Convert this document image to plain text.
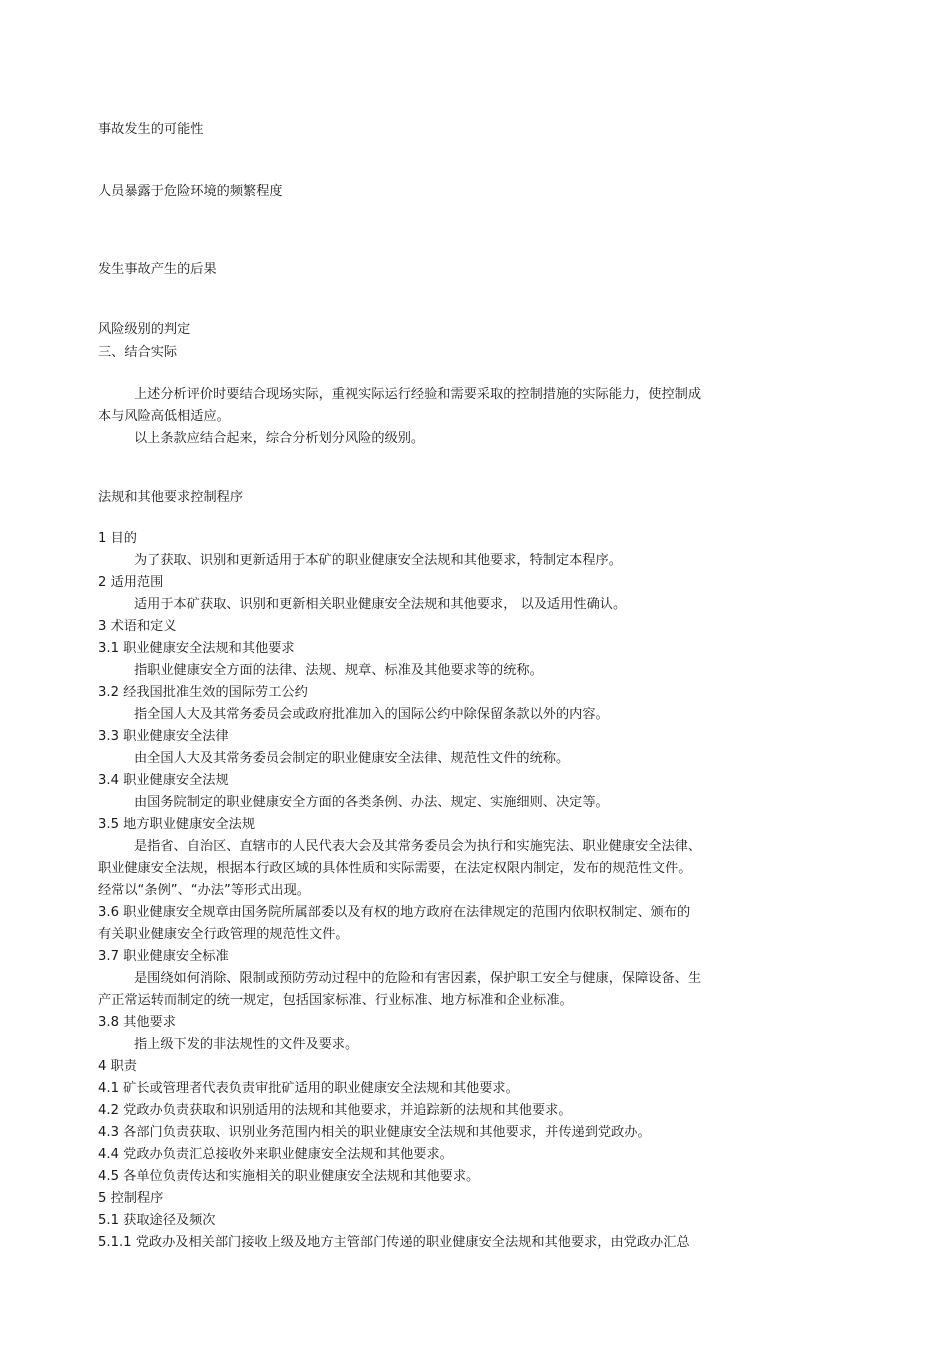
事故发生的可能性
人员暴露于危险环境的频繁程度
发生事故产生的后果
风险级别的判定
三、结合实际
上述分析评价时要结合现场实际，重视实际运行经验和需要采取的控制措施的实际能力，使控制成
本与风险高低相适应。
以上条款应结合起来，综合分析划分风险的级别。
法规和其他要求控制程序
1 目的
为了获取、识别和更新适用于本矿的职业健康安全法规和其他要求，特制定本程序。
2 适用范围
适用于本矿获取、识别和更新相关职业健康安全法规和其他要求， 以及适用性确认。
3 术语和定义
3.1 职业健康安全法规和其他要求
指职业健康安全方面的法律、法规、规章、标准及其他要求等的统称。
3.2 经我国批准生效的国际劳工公约
指全国人大及其常务委员会或政府批准加入的国际公约中除保留条款以外的内容。
3.3 职业健康安全法律
由全国人大及其常务委员会制定的职业健康安全法律、规范性文件的统称。
3.4 职业健康安全法规
由国务院制定的职业健康安全方面的各类条例、办法、规定、实施细则、决定等。
3.5 地方职业健康安全法规
是指省、自治区、直辖市的人民代表大会及其常务委员会为执行和实施宪法、职业健康安全法律、
职业健康安全法规，根据本行政区域的具体性质和实际需要，在法定权限内制定，发布的规范性文件。
经常以“条例”、“办法”等形式出现。
3.6 职业健康安全规章由国务院所属部委以及有权的地方政府在法律规定的范围内依职权制定、颁布的
有关职业健康安全行政管理的规范性文件。
3.7 职业健康安全标准
是围绕如何消除、限制或预防劳动过程中的危险和有害因素，保护职工安全与健康，保障设备、生
产正常运转而制定的统一规定，包括国家标准、行业标准、地方标准和企业标准。
3.8 其他要求
指上级下发的非法规性的文件及要求。
4 职责
4.1 矿长或管理者代表负责审批矿适用的职业健康安全法规和其他要求。
4.2 党政办负责获取和识别适用的法规和其他要求，并追踪新的法规和其他要求。
4.3 各部门负责获取、识别业务范围内相关的职业健康安全法规和其他要求，并传递到党政办。
4.4 党政办负责汇总接收外来职业健康安全法规和其他要求。
4.5 各单位负责传达和实施相关的职业健康安全法规和其他要求。
5 控制程序
5.1 获取途径及频次
5.1.1 党政办及相关部门接收上级及地方主管部门传递的职业健康安全法规和其他要求，由党政办汇总
